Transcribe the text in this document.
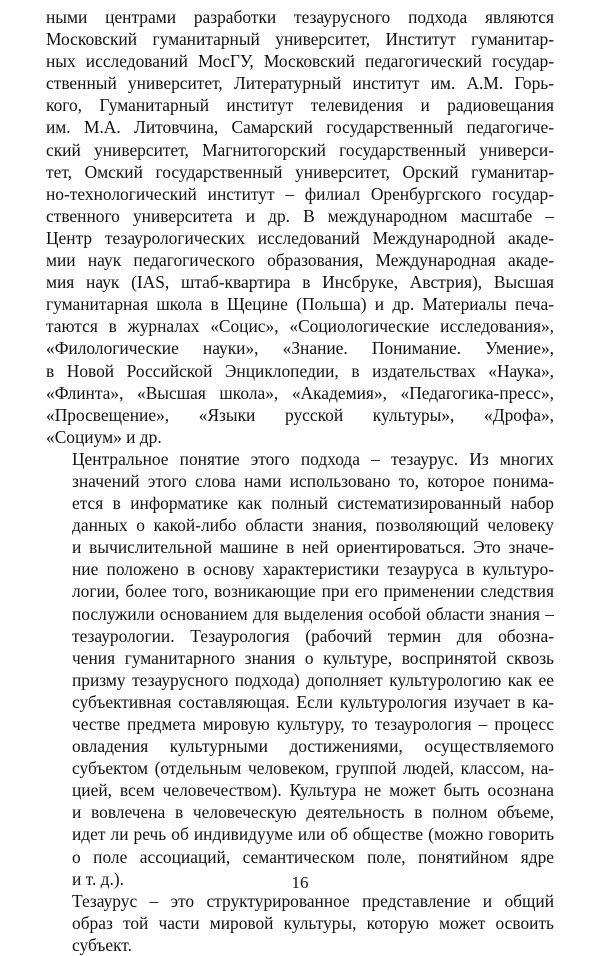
ными центрами разработки тезаурусного подхода являются
Московский гуманитарный университет, Институт гуманитар-
ных исследований МосГУ, Московский педагогический государ-
ственный университет, Литературный институт им. А.М. Горь-
кого, Гуманитарный институт телевидения и радиовещания
им. М.А. Литовчина, Самарский государственный педагогиче-
ский университет, Магнитогорский государственный универси-
тет, Омский государственный университет, Орский гуманитар-
но-технологический институт – филиал Оренбургского государ-
ственного университета и др. В международном масштабе –
Центр тезаурологических исследований Международной акаде-
мии наук педагогического образования, Международная акаде-
мия наук (IAS, штаб-квартира в Инсбруке, Австрия), Высшая
гуманитарная школа в Щецине (Польша) и др. Материалы печа-
таются в журналах «Социс», «Социологические исследования»,
«Филологические науки», «Знание. Понимание. Умение»,
в Новой Российской Энциклопедии, в издательствах «Наука»,
«Флинта», «Высшая школа», «Академия», «Педагогика-пресс»,
«Просвещение», «Языки русской культуры», «Дрофа»,
«Социум» и др.

Центральное понятие этого подхода – тезаурус. Из многих
значений этого слова нами использовано то, которое понима-
ется в информатике как полный систематизированный набор
данных о какой-либо области знания, позволяющий человеку
и вычислительной машине в ней ориентироваться. Это значе-
ние положено в основу характеристики тезауруса в культуро-
логии, более того, возникающие при его применении следствия
послужили основанием для выделения особой области знания –
тезаурологии. Тезаурология (рабочий термин для обозна-
чения гуманитарного знания о культуре, воспринятой сквозь
призму тезаурусного подхода) дополняет культурологию как ее
субъективная составляющая. Если культурология изучает в ка-
честве предмета мировую культуру, то тезаурология – процесс
овладения культурными достижениями, осуществляемого
субъектом (отдельным человеком, группой людей, классом, на-
цией, всем человечеством). Культура не может быть осознана
и вовлечена в человеческую деятельность в полном объеме,
идет ли речь об индивидууме или об обществе (можно говорить
о поле ассоциаций, семантическом поле, понятийном ядре
и т. д.).

Тезаурус – это структурированное представление и общий
образ той части мировой культуры, которую может освоить
субъект.

16
